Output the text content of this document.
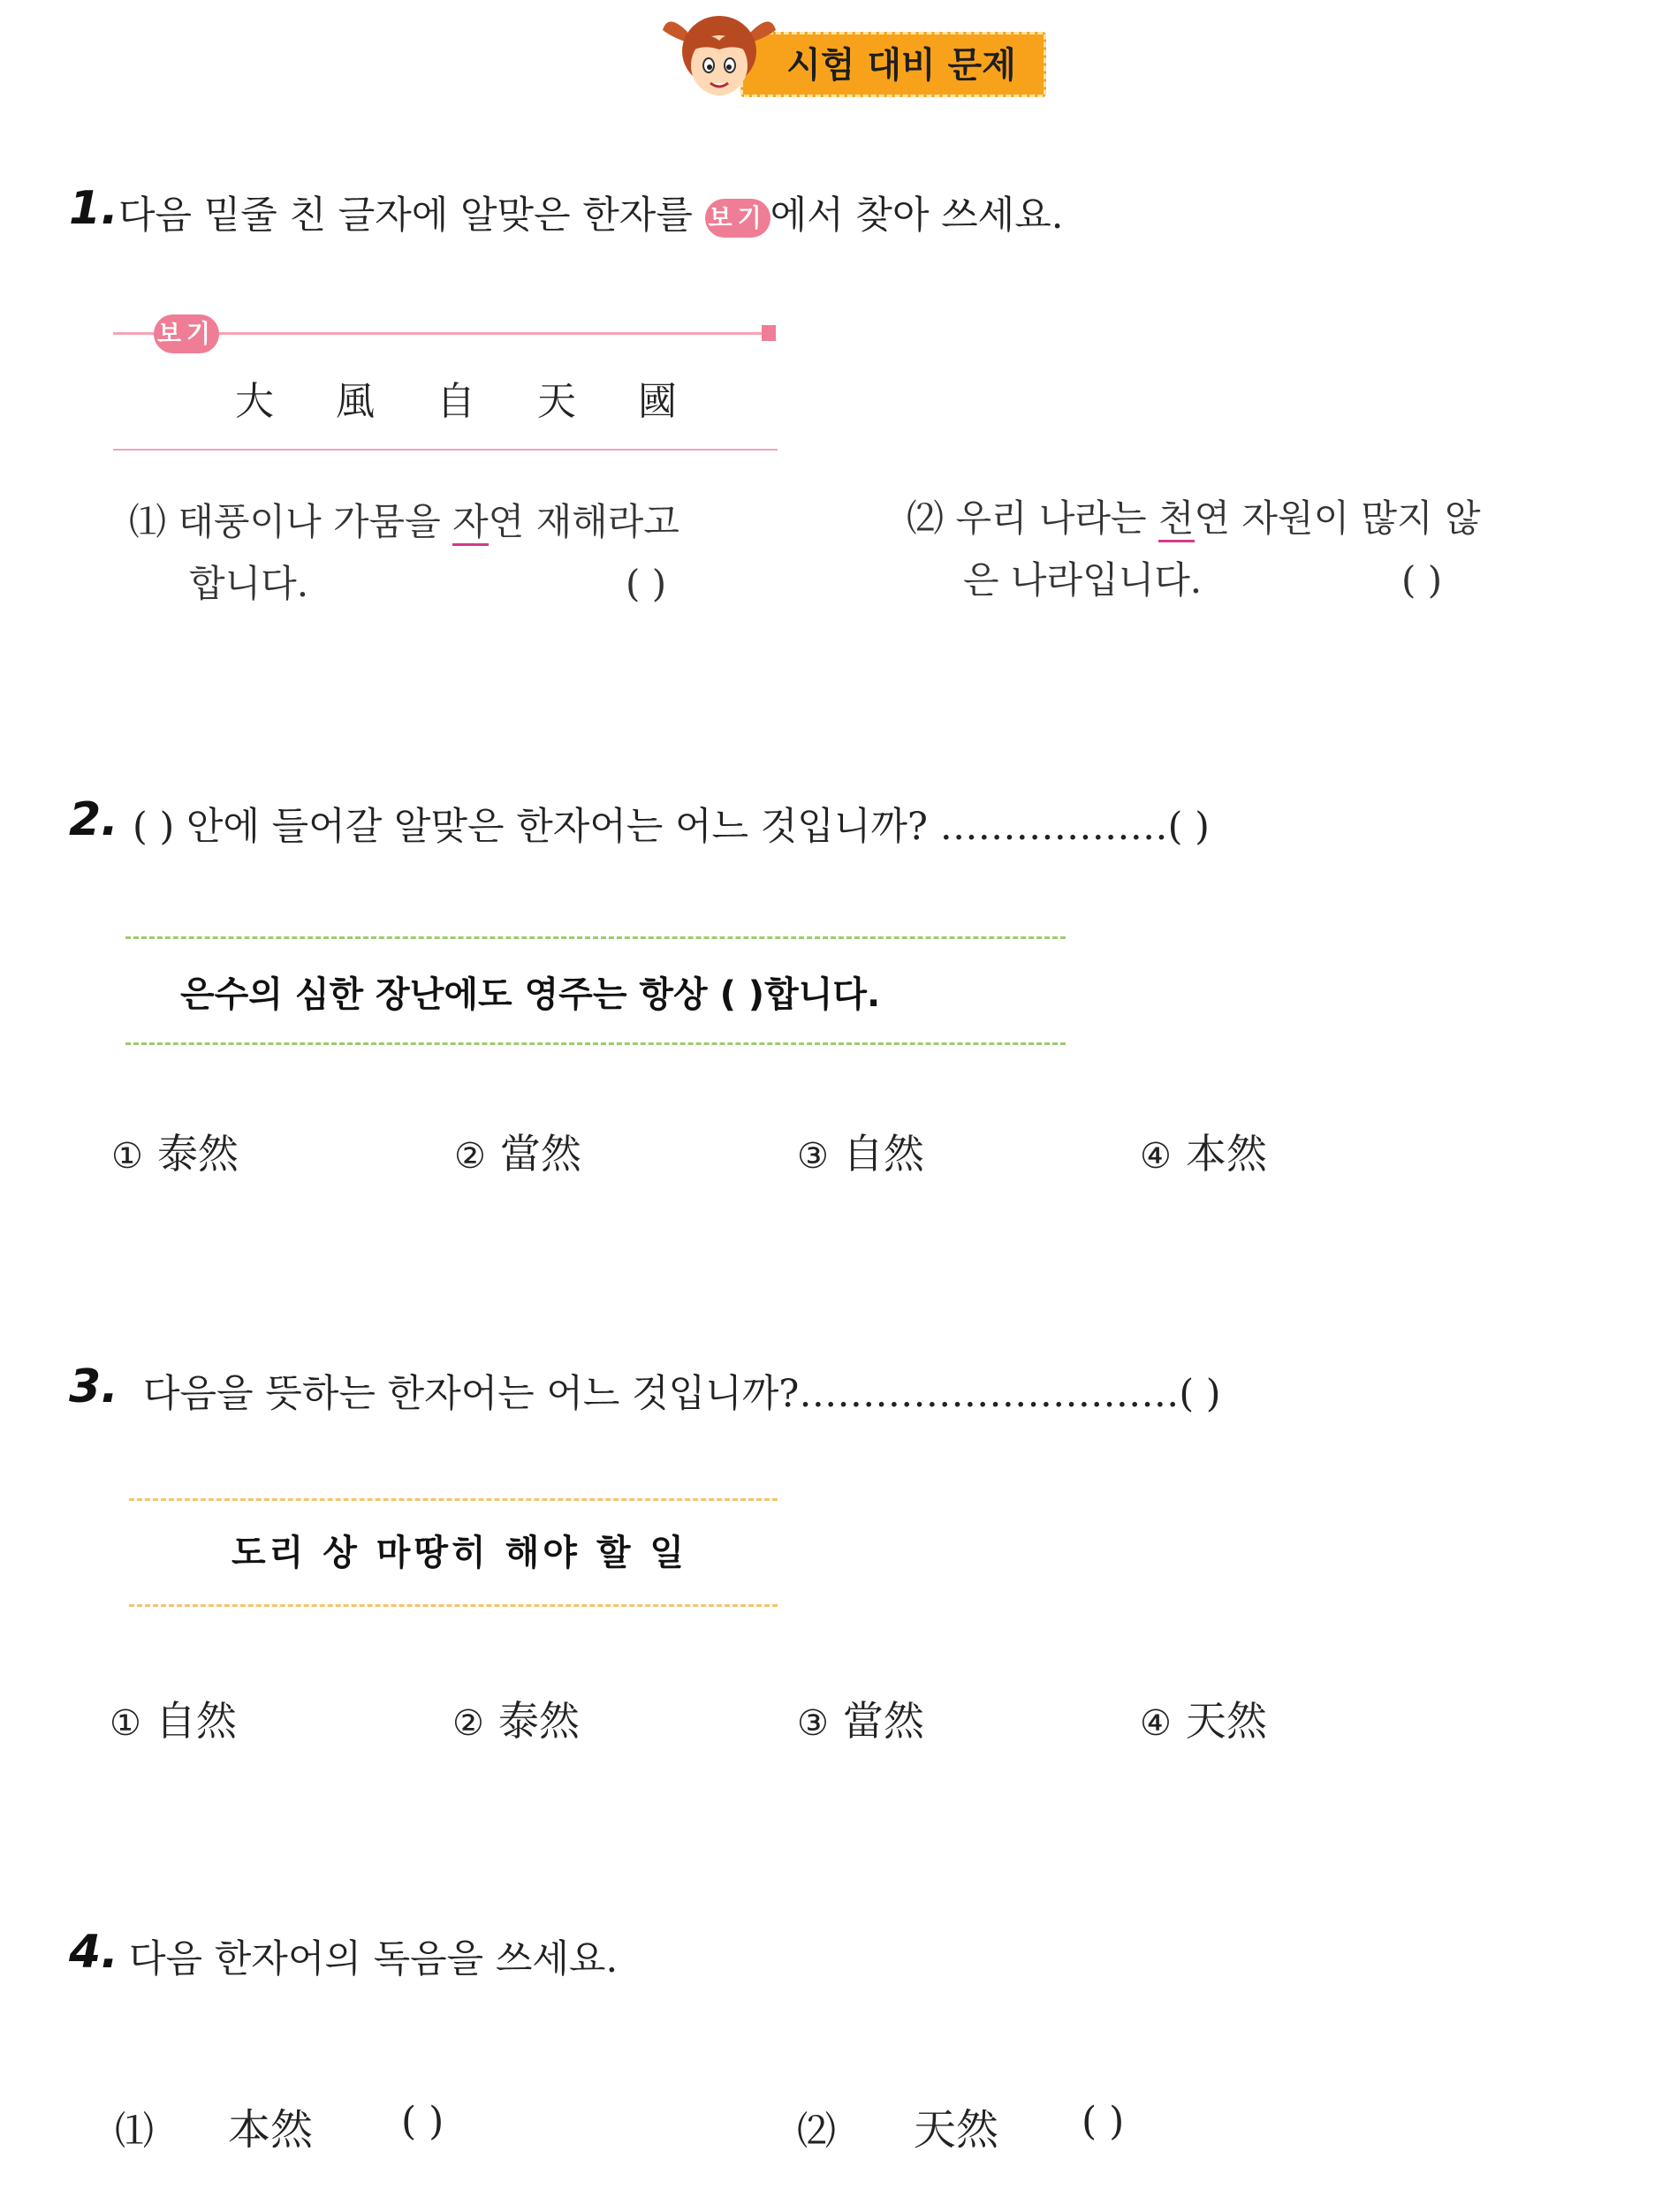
시험 대비 문제
1. 다음 밑줄 친 글자에 알맞은 한자를 보기에서 찾아 쓰세요.
보기
大 風 自 天 國
⑴ 태풍이나 가뭄을 자연 재해라고
합니다.	( )
⑵ 우리 나라는 천연 자원이 많지 않
은 나라입니다.	( )
2. ( ) 안에 들어갈 알맞은 한자어는 어느 것입니까? ………………( )
은수의 심한 장난에도 영주는 항상 ( )합니다.
① 泰然	② 當然	③ 自然	④ 本然
3. 다음을 뜻하는 한자어는 어느 것입니까?…………………………( )
도리 상 마땅히 해야 할 일
① 自然	② 泰然	③ 當然	④ 天然
4. 다음 한자어의 독음을 쓰세요.
⑴ 本然 ( )	⑵ 天然 ( )
